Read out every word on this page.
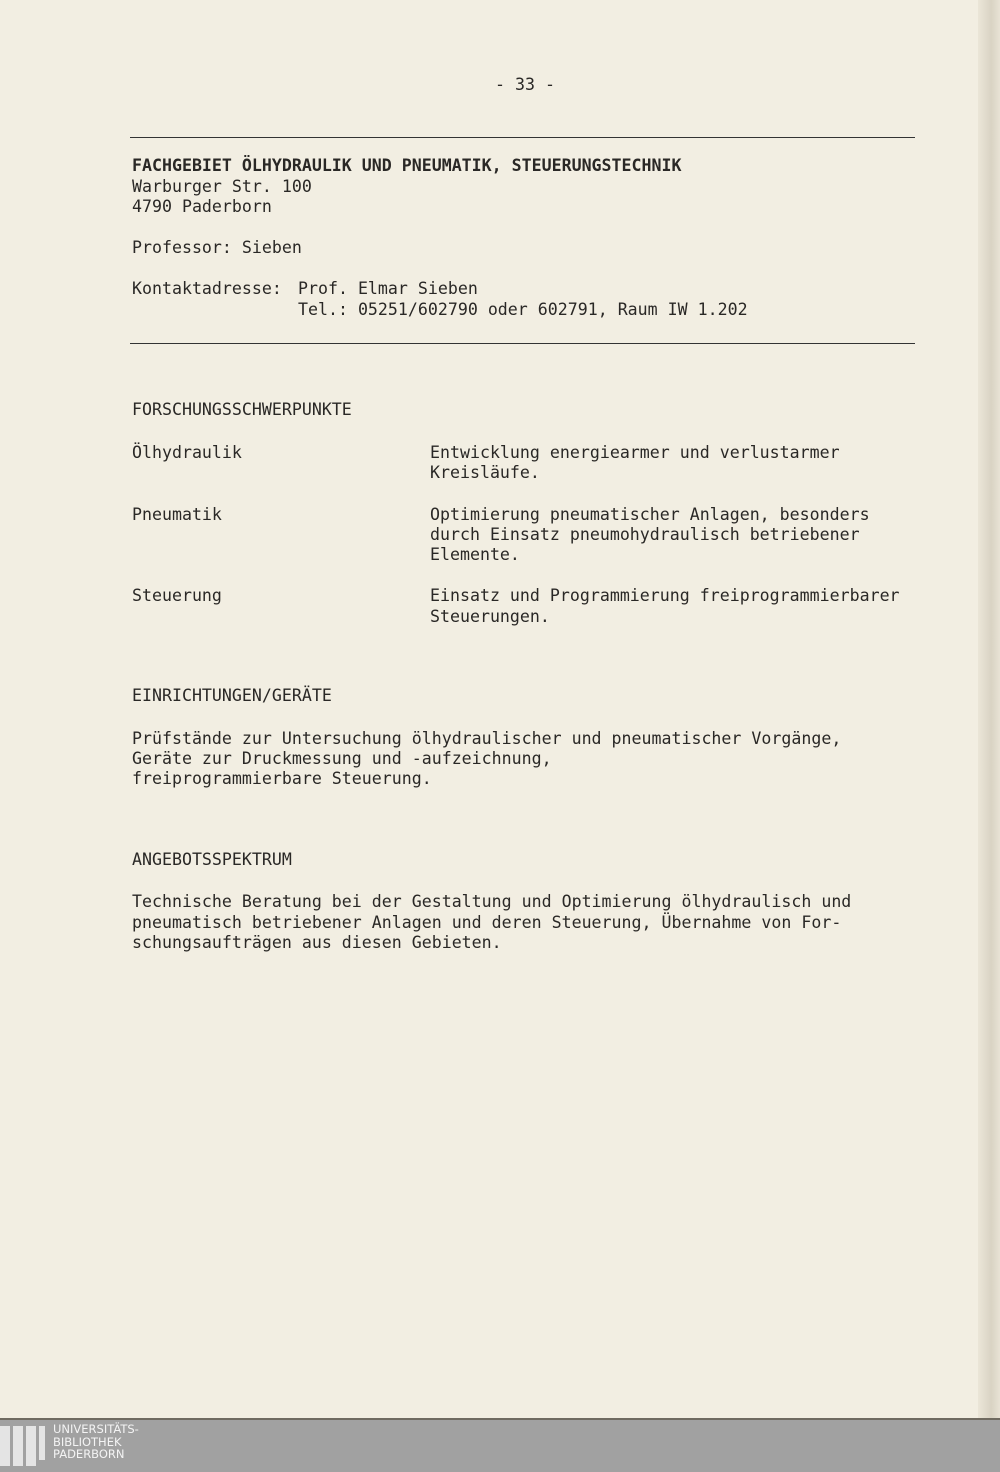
- 33 -
FACHGEBIET ÖLHYDRAULIK UND PNEUMATIK, STEUERUNGSTECHNIK
Warburger Str. 100
4790 Paderborn
Professor: Sieben
Kontaktadresse: Prof. Elmar Sieben
Tel.: 05251/602790 oder 602791, Raum IW 1.202
FORSCHUNGSSCHWERPUNKTE
Ölhydraulik	Entwicklung energiearmer und verlustarmer
Kreisläufe.
Pneumatik	Optimierung pneumatischer Anlagen, besonders
durch Einsatz pneumohydraulisch betriebener
Elemente.
Steuerung	Einsatz und Programmierung freiprogrammierbarer
Steuerungen.
EINRICHTUNGEN/GERÄTE
Prüfstände zur Untersuchung ölhydraulischer und pneumatischer Vorgänge,
Geräte zur Druckmessung und -aufzeichnung,
freiprogrammierbare Steuerung.
ANGEBOTSSPEKTRUM
Technische Beratung bei der Gestaltung und Optimierung ölhydraulisch und
pneumatisch betriebener Anlagen und deren Steuerung, Übernahme von For-
schungsaufträgen aus diesen Gebieten.
UNIVERSITÄTS-
BIBLIOTHEK
PADERBORN
